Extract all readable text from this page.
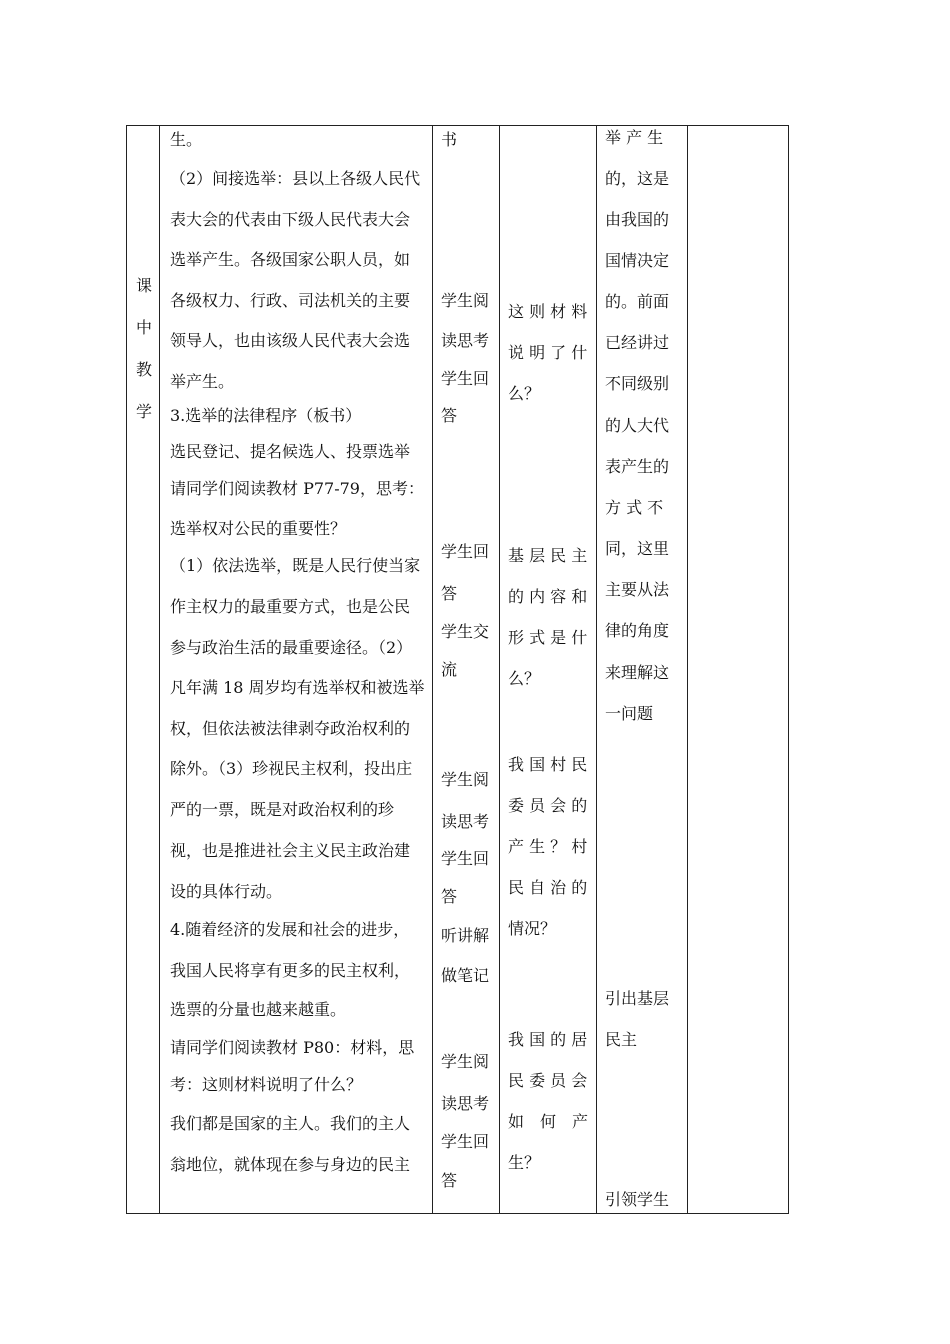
课
中
教
学
生。
（2）间接选举：县以上各级人民代
表大会的代表由下级人民代表大会
选举产生。各级国家公职人员，如
各级权力、行政、司法机关的主要
领导人，也由该级人民代表大会选
举产生。
3.选举的法律程序（板书）
选民登记、提名候选人、投票选举
请同学们阅读教材 P77-79，思考：
选举权对公民的重要性？
（1）依法选举，既是人民行使当家
作主权力的最重要方式，也是公民
参与政治生活的最重要途径。（2）
凡年满 18 周岁均有选举权和被选举
权，但依法被法律剥夺政治权利的
除外。（3）珍视民主权利，投出庄
严的一票，既是对政治权利的珍
视，也是推进社会主义民主政治建
设的具体行动。
4.随着经济的发展和社会的进步，
我国人民将享有更多的民主权利，
选票的分量也越来越重。
请同学们阅读教材 P80：材料，思
考：这则材料说明了什么？
我们都是国家的主人。我们的主人
翁地位，就体现在参与身边的民主
书
学生阅
读思考
学生回
答
学生回
答
学生交
流
学生阅
读思考
学生回
答
听讲解
做笔记
学生阅
读思考
学生回
答
这 则 材 料
说 明 了 什
么？
基 层 民 主
的 内 容 和
形 式 是 什
么？
我 国 村 民
委 员 会 的
产 生 ？ 村
民 自 治 的
情况？
我 国 的 居
民 委 员 会
如　何　产
生？
举 产 生
的，这是
由我国的
国情决定
的。前面
已经讲过
不同级别
的人大代
表产生的
方 式 不
同，这里
主要从法
律的角度
来理解这
一问题
引出基层
民主
引领学生
